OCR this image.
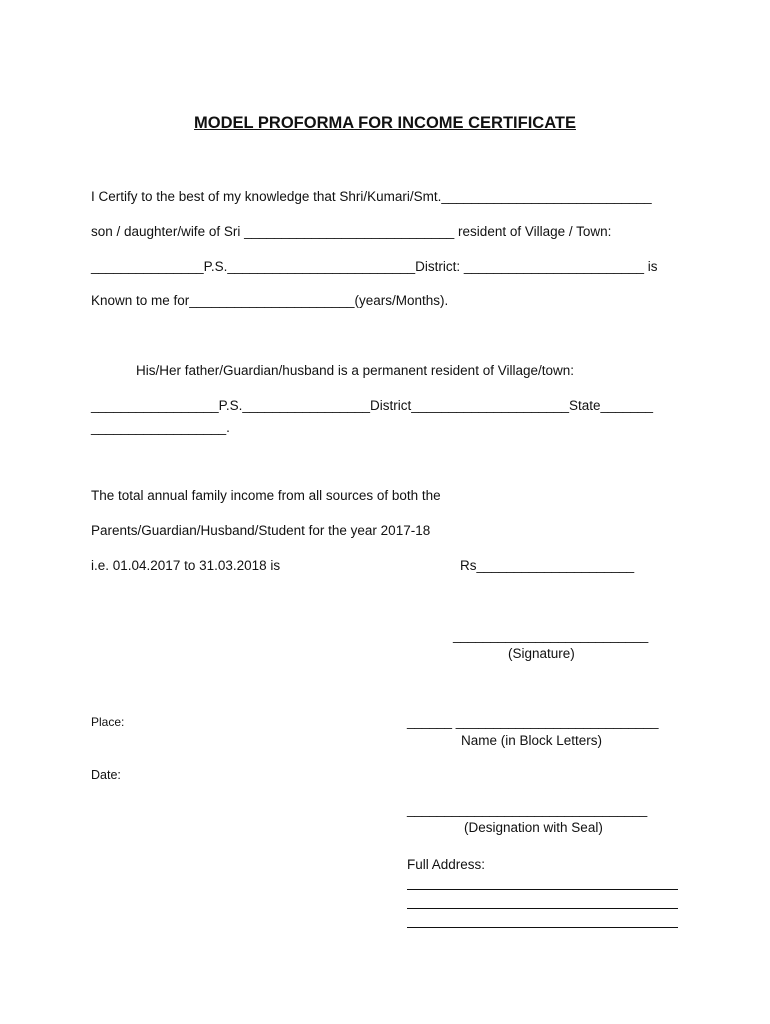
MODEL PROFORMA FOR INCOME CERTIFICATE
I Certify to the best of my knowledge that Shri/Kumari/Smt.____________________________
son / daughter/wife of Sri ____________________________ resident of Village / Town:
_______________P.S._________________________District: ________________________ is
Known to me for______________________(years/Months).
His/Her father/Guardian/husband is a permanent resident of Village/town:
_________________P.S._________________District_____________________State_______
__________________.
The total annual family income from all sources of both the
Parents/Guardian/Husband/Student for the year 2017-18
i.e. 01.04.2017 to 31.03.2018 is	Rs_____________________
__________________________
(Signature)
Place:	______ ___________________________
Name (in Block Letters)
Date:
________________________________
(Designation with Seal)
Full Address:
